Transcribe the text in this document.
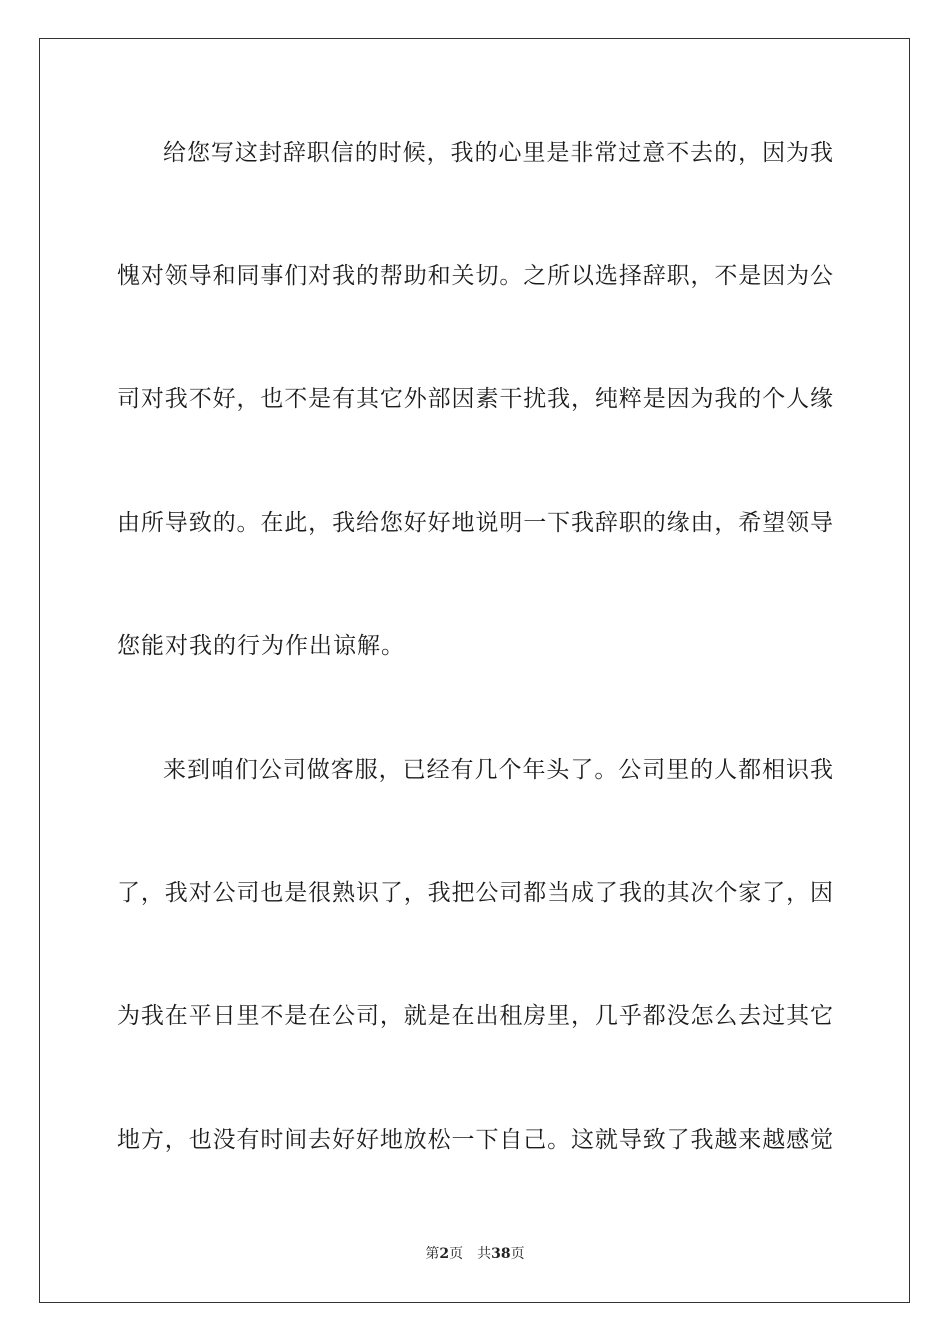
给您写这封辞职信的时候，我的心里是非常过意不去的，因为我
愧对领导和同事们对我的帮助和关切。之所以选择辞职，不是因为公
司对我不好，也不是有其它外部因素干扰我，纯粹是因为我的个人缘
由所导致的。在此，我给您好好地说明一下我辞职的缘由，希望领导
您能对我的行为作出谅解。
来到咱们公司做客服，已经有几个年头了。公司里的人都相识我
了，我对公司也是很熟识了，我把公司都当成了我的其次个家了，因
为我在平日里不是在公司，就是在出租房里，几乎都没怎么去过其它
地方，也没有时间去好好地放松一下自己。这就导致了我越来越感觉
第2页 共38页
